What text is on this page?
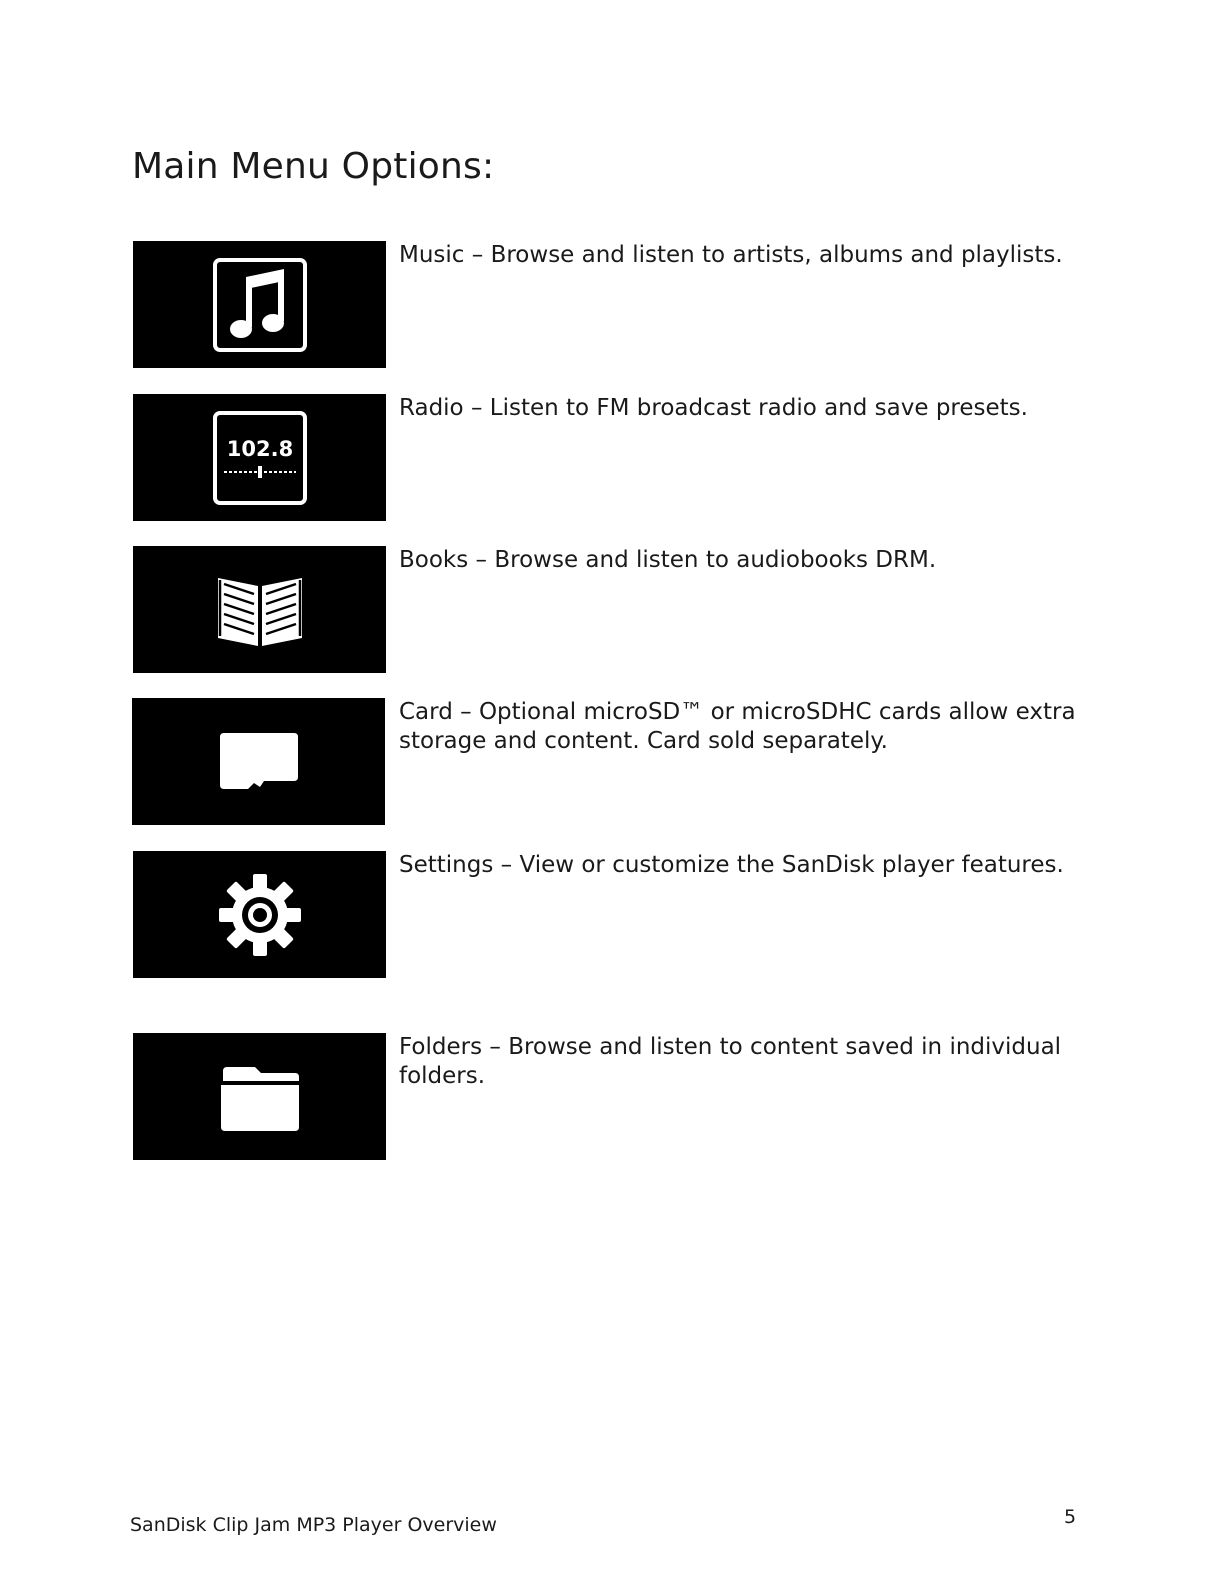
Main Menu Options:

Music – Browse and listen to artists, albums and playlists.

102.8

Radio – Listen to FM broadcast radio and save presets.

Books – Browse and listen to audiobooks DRM.

Card – Optional microSD™ or microSDHC cards allow extra storage and content. Card sold separately.

Settings – View or customize the SanDisk player features.

Folders – Browse and listen to content saved in individual folders.

SanDisk Clip Jam MP3 Player Overview	5
